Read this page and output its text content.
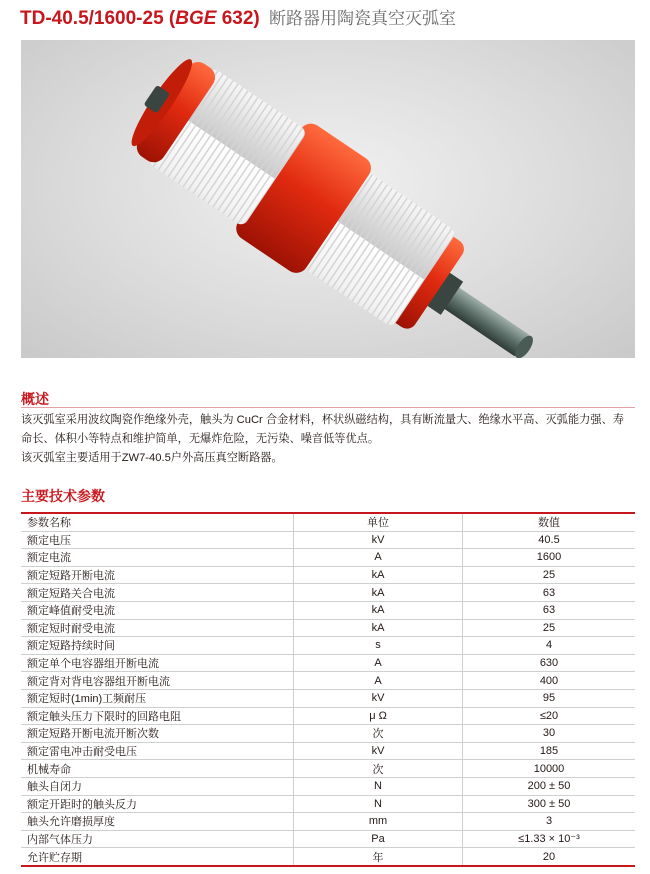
TD-40.5/1600-25 (BGE 632) 断路器用陶瓷真空灭弧室
概述

该灭弧室采用波纹陶瓷作绝缘外壳，触头为 CuCr 合金材料，杯状纵磁结构，具有断流量大、绝缘水平高、灭弧能力强、寿命长、体积小等特点和维护简单，无爆炸危险，无污染、噪音低等优点。

该灭弧室主要适用于ZW7-40.5户外高压真空断路器。

主要技术参数
参数名称	单位	数值
额定电压	kV	40.5
额定电流	A	1600
额定短路开断电流	kA	25
额定短路关合电流	kA	63
额定峰值耐受电流	kA	63
额定短时耐受电流	kA	25
额定短路持续时间	s	4
额定单个电容器组开断电流	A	630
额定背对背电容器组开断电流	A	400
额定短时(1min)工频耐压	kV	95
额定触头压力下限时的回路电阻	μ Ω	≤20
额定短路开断电流开断次数	次	30
额定雷电冲击耐受电压	kV	185
机械寿命	次	10000
触头自闭力	N	200 ± 50
额定开距时的触头反力	N	300 ± 50
触头允许磨损厚度	mm	3
内部气体压力	Pa	≤1.33 × 10⁻³
允许贮存期	年	20
